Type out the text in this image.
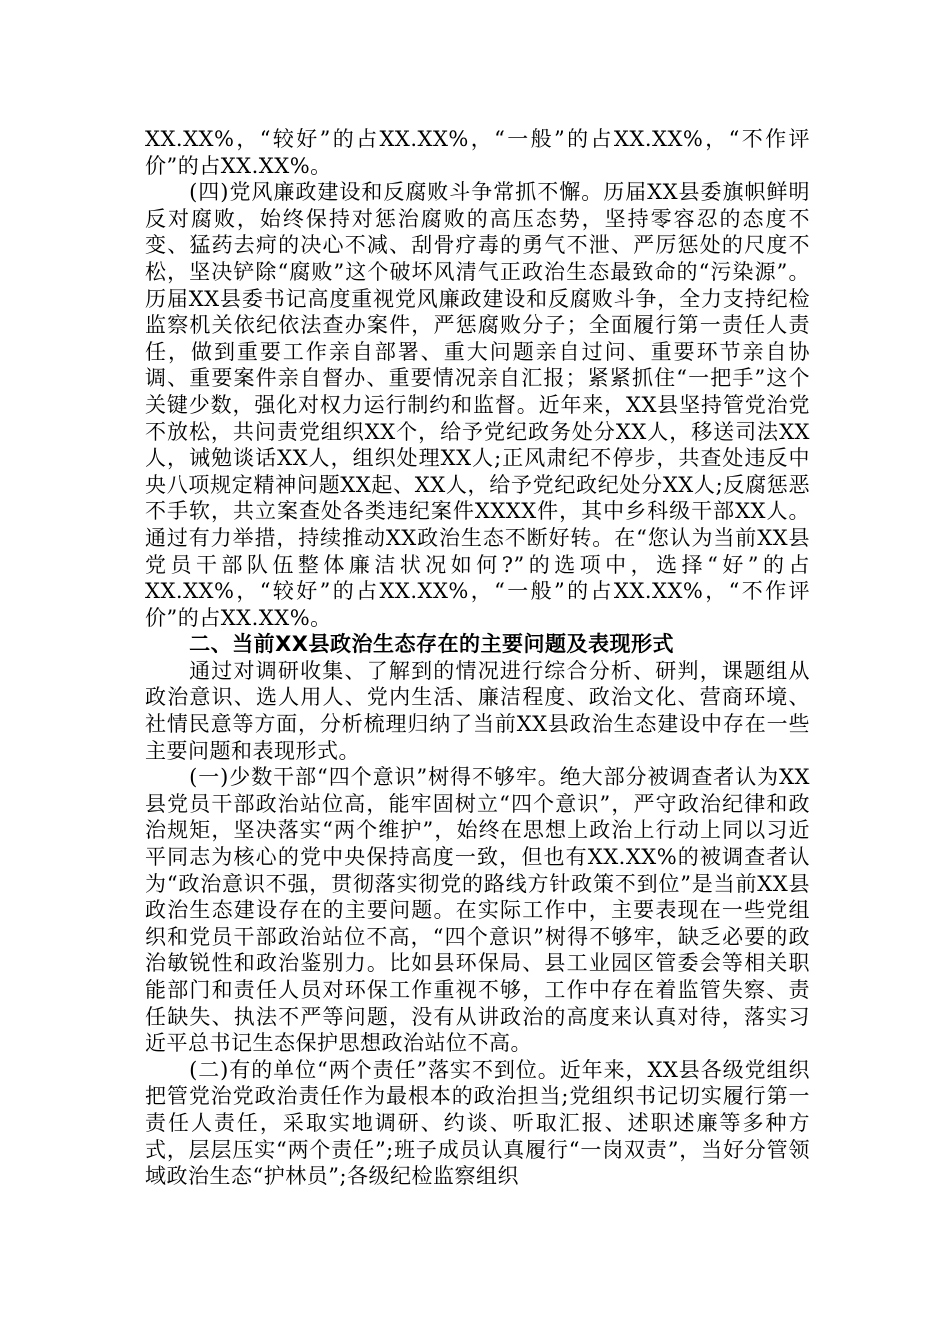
XX.XX%，“较好”的占XX.XX%，“一般”的占XX.XX%，“不作评价”的占XX.XX%。

(四)党风廉政建设和反腐败斗争常抓不懈。历届XX县委旗帜鲜明反对腐败，始终保持对惩治腐败的高压态势，坚持零容忍的态度不变、猛药去疴的决心不减、刮骨疗毒的勇气不泄、严厉惩处的尺度不松，坚决铲除“腐败”这个破坏风清气正政治生态最致命的“污染源”。历届XX县委书记高度重视党风廉政建设和反腐败斗争，全力支持纪检监察机关依纪依法查办案件，严惩腐败分子；全面履行第一责任人责任，做到重要工作亲自部署、重大问题亲自过问、重要环节亲自协调、重要案件亲自督办、重要情况亲自汇报；紧紧抓住“一把手”这个关键少数，强化对权力运行制约和监督。近年来，XX县坚持管党治党不放松，共问责党组织XX个，给予党纪政务处分XX人，移送司法XX人，诫勉谈话XX人，组织处理XX人;正风肃纪不停步，共查处违反中央八项规定精神问题XX起、XX人，给予党纪政纪处分XX人;反腐惩恶不手软，共立案查处各类违纪案件XXXX件，其中乡科级干部XX人。通过有力举措，持续推动XX政治生态不断好转。在“您认为当前XX县党员干部队伍整体廉洁状况如何?”的选项中，选择“好”的占XX.XX%，“较好”的占XX.XX%，“一般”的占XX.XX%，“不作评价”的占XX.XX%。

二、当前XX县政治生态存在的主要问题及表现形式

通过对调研收集、了解到的情况进行综合分析、研判，课题组从政治意识、选人用人、党内生活、廉洁程度、政治文化、营商环境、社情民意等方面，分析梳理归纳了当前XX县政治生态建设中存在一些主要问题和表现形式。

(一)少数干部“四个意识”树得不够牢。绝大部分被调查者认为XX县党员干部政治站位高，能牢固树立“四个意识”，严守政治纪律和政治规矩，坚决落实“两个维护”，始终在思想上政治上行动上同以习近平同志为核心的党中央保持高度一致，但也有XX.XX%的被调查者认为“政治意识不强，贯彻落实彻党的路线方针政策不到位”是当前XX县政治生态建设存在的主要问题。在实际工作中，主要表现在一些党组织和党员干部政治站位不高，“四个意识”树得不够牢，缺乏必要的政治敏锐性和政治鉴别力。比如县环保局、县工业园区管委会等相关职能部门和责任人员对环保工作重视不够，工作中存在着监管失察、责任缺失、执法不严等问题，没有从讲政治的高度来认真对待，落实习近平总书记生态保护思想政治站位不高。

(二)有的单位“两个责任”落实不到位。近年来，XX县各级党组织把管党治党政治责任作为最根本的政治担当;党组织书记切实履行第一责任人责任，采取实地调研、约谈、听取汇报、述职述廉等多种方式，层层压实“两个责任”;班子成员认真履行“一岗双责”，当好分管领域政治生态“护林员”;各级纪检监察组织
